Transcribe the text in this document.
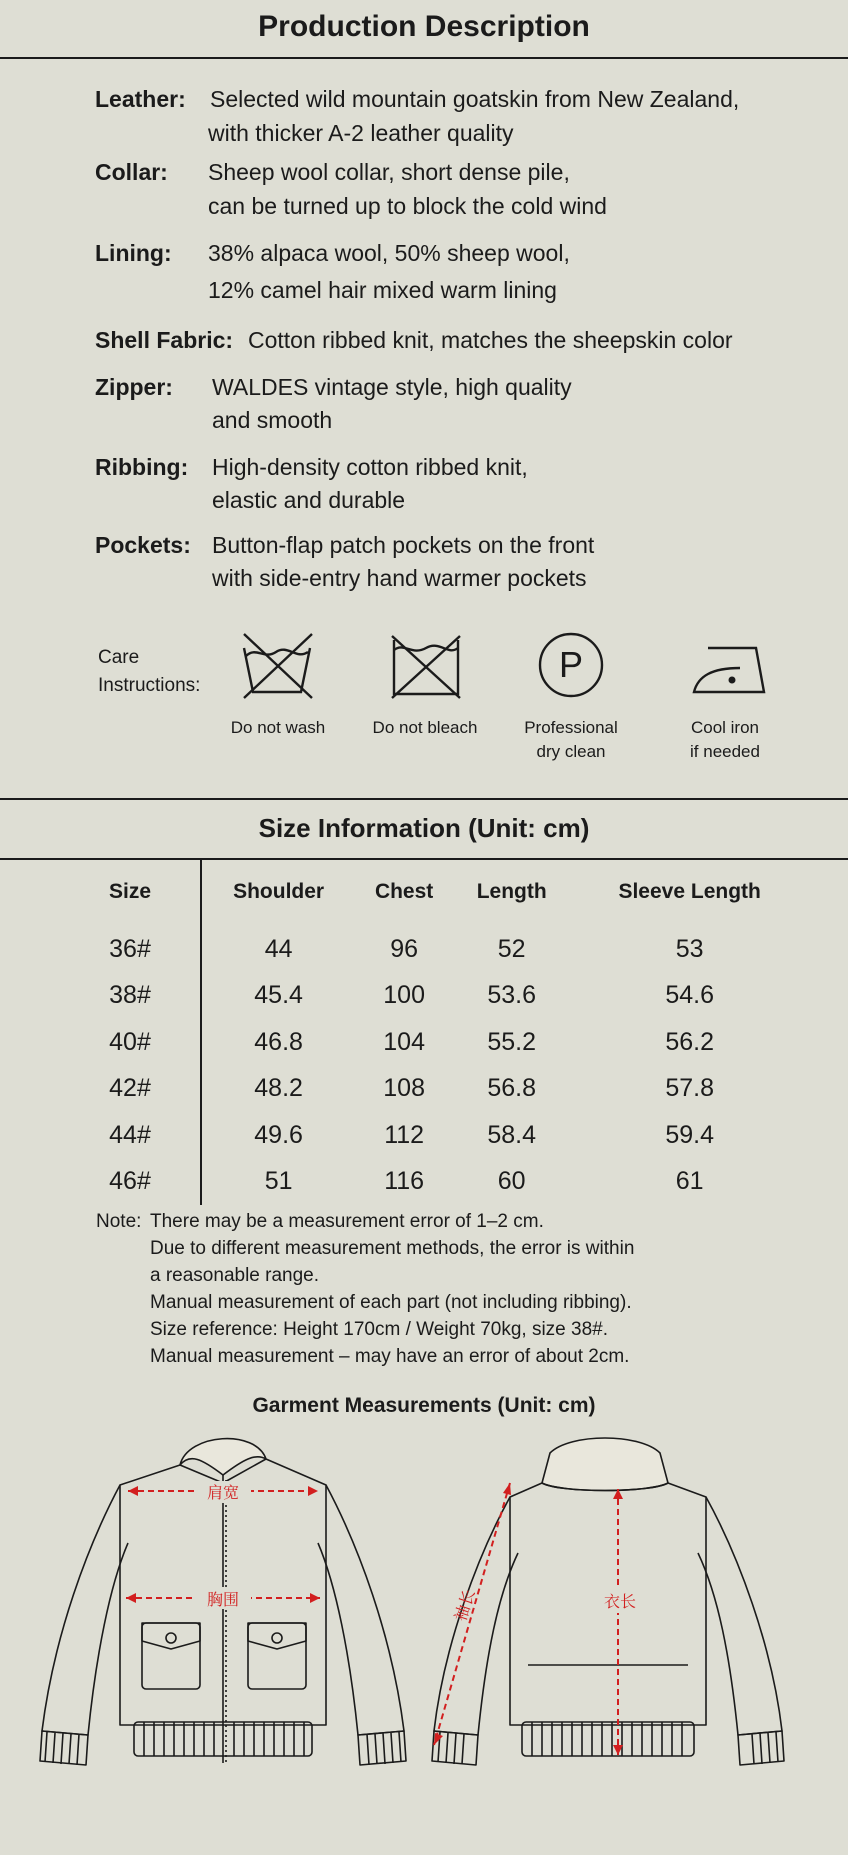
Production Description
Leather: Selected wild mountain goatskin from New Zealand,
with thicker A-2 leather quality
Collar: Sheep wool collar, short dense pile,
can be turned up to block the cold wind
Lining: 38% alpaca wool, 50% sheep wool,
12% camel hair mixed warm lining
Shell Fabric: Cotton ribbed knit, matches the sheepskin color
Zipper: WALDES vintage style, high quality
and smooth
Ribbing: High-density cotton ribbed knit,
elastic and durable
Pockets: Button-flap patch pockets on the front
with side-entry hand warmer pockets
Care
Instructions:
Do not wash	Do not bleach
P
Professional
dry clean
Cool iron
if needed
Size Information (Unit: cm)
Size	Shoulder	Chest	Length	Sleeve Length
36#	44	96	52	53
38#	45.4	100	53.6	54.6
40#	46.8	104	55.2	56.2
42#	48.2	108	56.8	57.8
44#	49.6	112	58.4	59.4
46#	51	116	60	61
Note: There may be a measurement error of 1–2 cm.
Due to different measurement methods, the error is within
a reasonable range.
Manual measurement of each part (not including ribbing).
Size reference: Height 170cm / Weight 70kg, size 38#.
Manual measurement – may have an error of about 2cm.
Garment Measurements (Unit: cm)
肩宽
胸围	衣长
袖长
